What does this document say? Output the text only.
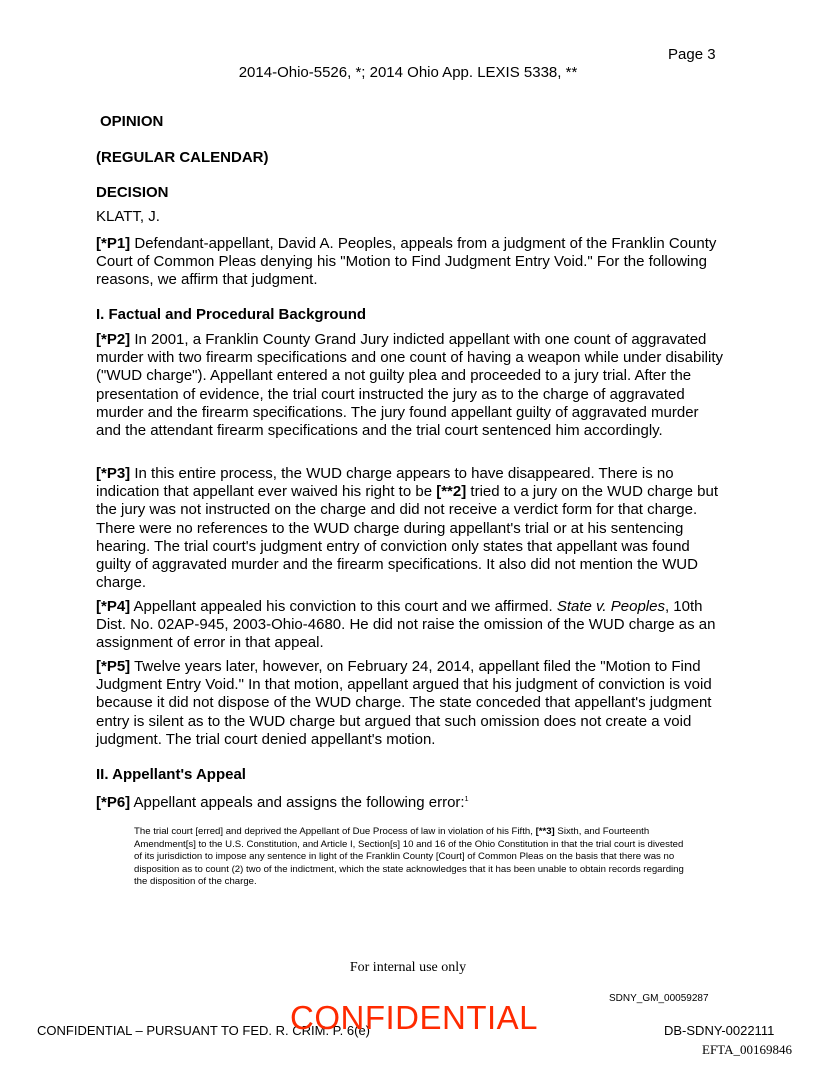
Page 3
2014-Ohio-5526, *; 2014 Ohio App. LEXIS 5338, **
OPINION
(REGULAR CALENDAR)
DECISION
KLATT, J.
[*P1] Defendant-appellant, David A. Peoples, appeals from a judgment of the Franklin County Court of Common Pleas denying his "Motion to Find Judgment Entry Void." For the following reasons, we affirm that judgment.
I. Factual and Procedural Background
[*P2] In 2001, a Franklin County Grand Jury indicted appellant with one count of aggravated murder with two firearm specifications and one count of having a weapon while under disability ("WUD charge"). Appellant entered a not guilty plea and proceeded to a jury trial. After the presentation of evidence, the trial court instructed the jury as to the charge of aggravated murder and the firearm specifications. The jury found appellant guilty of aggravated murder and the attendant firearm specifications and the trial court sentenced him accordingly.
[*P3] In this entire process, the WUD charge appears to have disappeared. There is no indication that appellant ever waived his right to be [**2] tried to a jury on the WUD charge but the jury was not instructed on the charge and did not receive a verdict form for that charge. There were no references to the WUD charge during appellant's trial or at his sentencing hearing. The trial court's judgment entry of conviction only states that appellant was found guilty of aggravated murder and the firearm specifications. It also did not mention the WUD charge.
[*P4] Appellant appealed his conviction to this court and we affirmed. State v. Peoples, 10th Dist. No. 02AP-945, 2003-Ohio-4680. He did not raise the omission of the WUD charge as an assignment of error in that appeal.
[*P5] Twelve years later, however, on February 24, 2014, appellant filed the "Motion to Find Judgment Entry Void." In that motion, appellant argued that his judgment of conviction is void because it did not dispose of the WUD charge. The state conceded that appellant's judgment entry is silent as to the WUD charge but argued that such omission does not create a void judgment. The trial court denied appellant's motion.
II. Appellant's Appeal
[*P6] Appellant appeals and assigns the following error:$^1$
The trial court [erred] and deprived the Appellant of Due Process of law in violation of his Fifth, [**3] Sixth, and Fourteenth Amendment[s] to the U.S. Constitution, and Article I, Section[s] 10 and 16 of the Ohio Constitution in that the trial court is divested of its jurisdiction to impose any sentence in light of the Franklin County [Court] of Common Pleas on the basis that there was no disposition as to count (2) two of the indictment, which the state acknowledges that it has been unable to obtain records regarding the disposition of the charge.
For internal use only
SDNY_GM_00059287
CONFIDENTIAL – PURSUANT TO FED. R. CRIM. P. 6(e)
CONFIDENTIAL	DB-SDNY-0022111
EFTA_00169846
